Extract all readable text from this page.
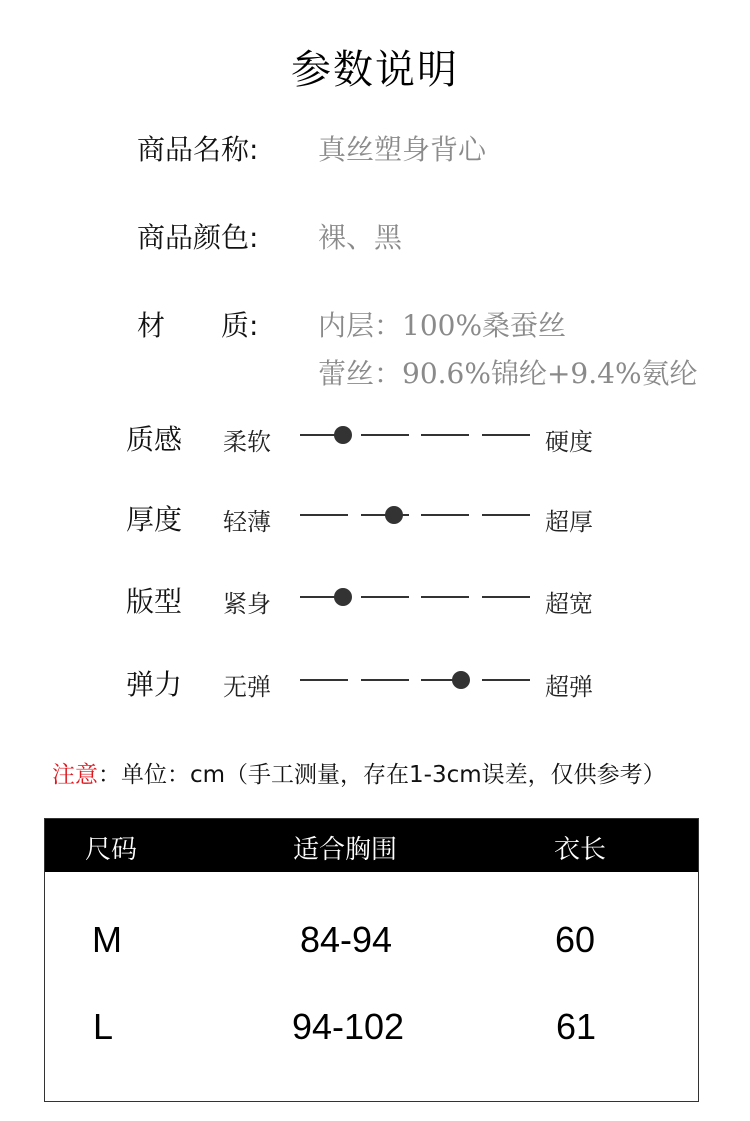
参数说明
商品名称: 真丝塑身背心
商品颜色: 裸、黑
材　　质: 内层：100%桑蚕丝
蕾丝：90.6%锦纶+9.4%氨纶
质感 柔软	硬度
厚度 轻薄	超厚
版型 紧身	超宽
弹力 无弹	超弹
注意：单位：cm（手工测量，存在1-3cm误差，仅供参考）
尺码	适合胸围	衣长
M	84-94	60
L	94-102	61
